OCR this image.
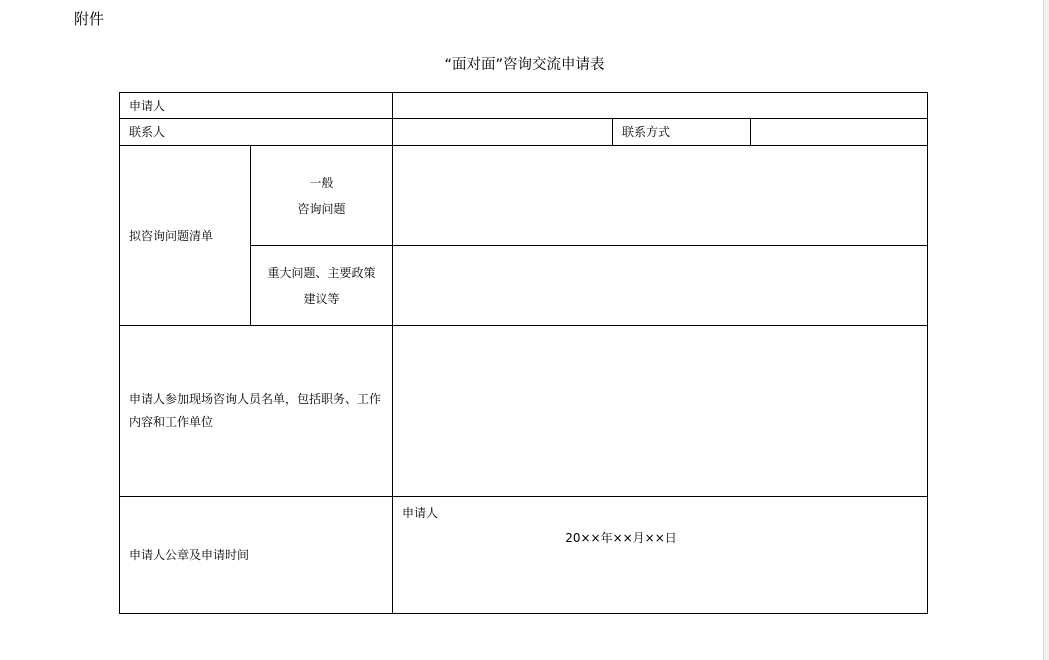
附件
“面对面”咨询交流申请表
申请人
联系人	联系方式
拟咨询问题清单
一般
咨询问题
重大问题、主要政策
建议等
申请人参加现场咨询人员名单，包括职务、工作
内容和工作单位
申请人公章及申请时间
申请人
20××年××月××日
